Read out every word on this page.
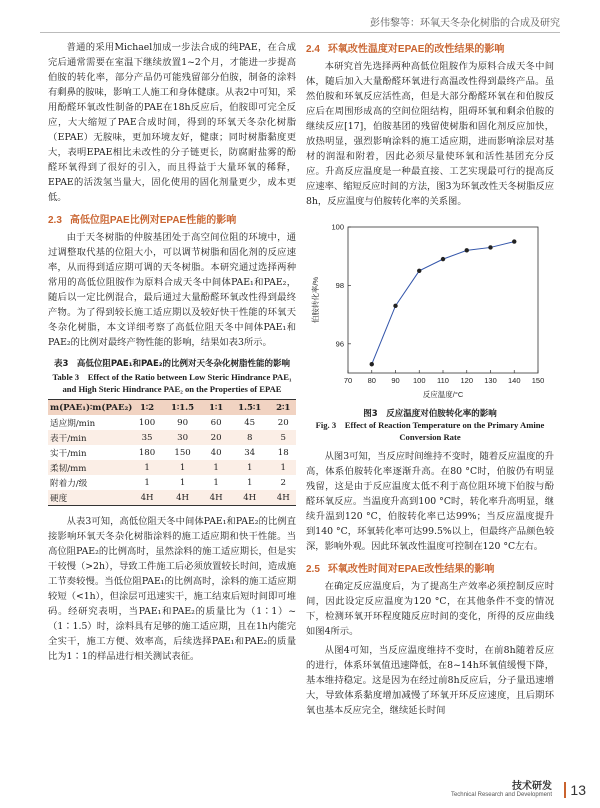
彭伟黎等：环氧天冬杂化树脂的合成及研究

普通的采用Michael加成一步法合成的纯PAE，在合成完后通常需要在室温下继续放置1~2个月，才能进一步提高伯胺的转化率，部分产品仍可能残留部分伯胺，制备的涂料有剩鼻的胺味，影响工人施工和身体健康。从表2中可知，采用酚醛环氧改性制备的PAE在18h反应后，伯胺即可完全反应，大大缩短了PAE合成时间，得到的环氧天冬杂化树脂（EPAE）无胺味，更加环境友好，健康；同时树脂黏度更大，表明EPAE相比未改性的分子链更长，防腐耐盐雾的酚醛环氧得到了很好的引入，而且得益于大量环氧的稀释，EPAE的活泼氢当量大，固化使用的固化剂量更少，成本更低。

2.3 高低位阻PAE比例对EPAE性能的影响

由于天冬树脂的仲胺基团处于高空间位阻的环境中，通过调整取代基的位阻大小，可以调节树脂和固化剂的反应速率，从而得到适应期可调的天冬树脂。本研究通过选择两种常用的高低位阻胺作为原料合成天冬中间体PAE₁和PAE₂，随后以一定比例混合，最后通过大量酚醛环氧改性得到最终产物。为了得到较长施工适应期以及较好快干性能的环氧天冬杂化树脂，本文详细考察了高低位阻天冬中间体PAE₁和PAE₂的比例对最终产物性能的影响，结果如表3所示。

表3　高低位阻PAE₁和PAE₂的比例对天冬杂化树脂性能的影响
Table 3　Effect of the Ratio between Low Steric Hindrance PAE₁ and High Steric Hindrance PAE₂ on the Properties of EPAE
m(PAE₁)∶m(PAE₂)	1∶2	1∶1.5	1∶1	1.5∶1	2∶1
适应期/min	100	90	60	45	20
表干/min	35	30	20	8	5
实干/min	180	150	40	34	18
柔韧/mm	1	1	1	1	1
附着力/级	1	1	1	1	2
硬度	4H	4H	4H	4H	4H

从表3可知，高低位阻天冬中间体PAE₁和PAE₂的比例直接影响环氧天冬杂化树脂涂料的施工适应期和快干性能。当高位阻PAE₂的比例高时，虽然涂料的施工适应期长，但是实干较慢（>2h），导致工件施工后必须放置较长时间，造成施工节奏较慢。当低位阻PAE₁的比例高时，涂料的施工适应期较短（<1h），但涂层可迅速实干，施工结束后短时间即可堆码。经研究表明，当PAE₁和PAE₂的质量比为（1∶1）~（1∶1.5）时，涂料具有足够的施工适应期，且在1h内能完全实干，施工方便、效率高，后续选择PAE₁和PAE₂的质量比为1∶1的样品进行相关测试表征。

2.4 环氧改性温度对EPAE的改性结果的影响

本研究首先选择两种高低位阻胺作为原料合成天冬中间体，随后加入大量酚醛环氧进行高温改性得到最终产品。虽然伯胺和环氧反应活性高，但是大部分酚醛环氧在和伯胺反应后在周围形成高的空间位阻结构，阻碍环氧和剩余伯胺的继续反应[17]，伯胺基团的残留使树脂和固化剂反应加快，放热明显，强烈影响涂料的施工适应期，进而影响涂层对基材的润湿和附着，因此必须尽量使环氧和活性基团充分反应。升高反应温度是一种最直接、工艺实现最可行的提高反应速率、缩短反应时间的方法，图3为环氧改性天冬树脂反应8h，反应温度与伯胺转化率的关系图。

70 80 90 100 110 120 130 140 150
96
98
100
反应温度/°C
伯胺转化率/%
图3　反应温度对伯胺转化率的影响
Fig. 3　Effect of Reaction Temperature on the Primary Amine Conversion Rate

从图3可知，当反应时间维持不变时，随着反应温度的升高，体系伯胺转化率逐渐升高。在80 °C时，伯胺仍有明显残留，这是由于反应温度太低不利于高位阻环境下伯胺与酚醛环氧反应。当温度升高到100 °C时，转化率升高明显，继续升温到120 °C，伯胺转化率已达99%；当反应温度提升到140 °C，环氧转化率可达99.5%以上，但最终产品颜色较深，影响外观。因此环氧改性温度可控制在120 °C左右。

2.5 环氧改性时间对EPAE改性结果的影响

在确定反应温度后，为了提高生产效率必须控制反应时间，因此设定反应温度为120 °C，在其他条件不变的情况下，检测环氧开环程度随反应时间的变化，所得的反应曲线如图4所示。

从图4可知，当反应温度维持不变时，在前8h随着反应的进行，体系环氧值迅速降低，在8~14h环氧值缓慢下降，基本维持稳定。这是因为在经过前8h反应后，分子量迅速增大，导致体系黏度增加减慢了环氧开环反应速度，且后期环氧也基本反应完全，继续延长时间

技术研发
Technical Research and Development	13
